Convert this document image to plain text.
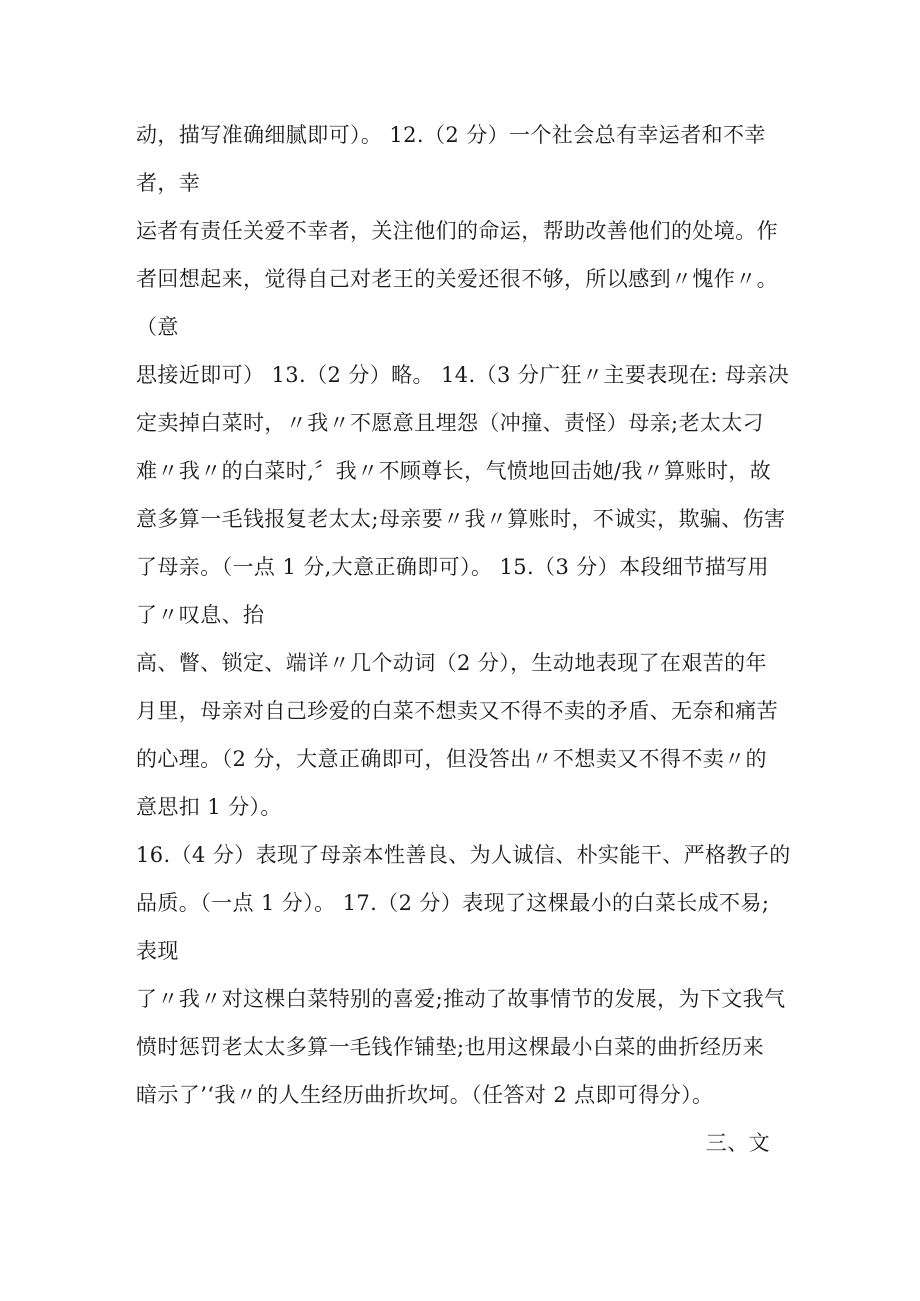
动，描写准确细腻即可）。 12.（2 分）一个社会总有幸运者和不幸
者，幸
运者有责任关爱不幸者，关注他们的命运，帮助改善他们的处境。作
者回想起来，觉得自己对老王的关爱还很不够，所以感到〃愧作〃。
（意
思接近即可） 13.（2 分）略。 14.（3 分广狂〃主要表现在: 母亲决
定卖掉白菜时，〃我〃不愿意且埋怨（冲撞、责怪）母亲;老太太刁
难〃我〃的白菜时,〞我〃不顾尊长，气愤地回击她/我〃算账时，故
意多算一毛钱报复老太太;母亲要〃我〃算账时，不诚实，欺骗、伤害
了母亲。（一点 1 分,大意正确即可）。 15.（3 分）本段细节描写用
了〃叹息、抬
高、瞥、锁定、端详〃几个动词（2 分），生动地表现了在艰苦的年
月里，母亲对自己珍爱的白菜不想卖又不得不卖的矛盾、无奈和痛苦
的心理。（2 分，大意正确即可，但没答出〃不想卖又不得不卖〃的
意思扣 1 分）。
16.（4 分）表现了母亲本性善良、为人诚信、朴实能干、严格教子的
品质。（一点 1 分）。 17.（2 分）表现了这棵最小的白菜长成不易;
表现
了〃我〃对这棵白菜特别的喜爱;推动了故事情节的发展，为下文我气
愤时惩罚老太太多算一毛钱作铺垫;也用这棵最小白菜的曲折经历来
暗示了’‘我〃的人生经历曲折坎坷。（任答对 2 点即可得分）。
三、文
